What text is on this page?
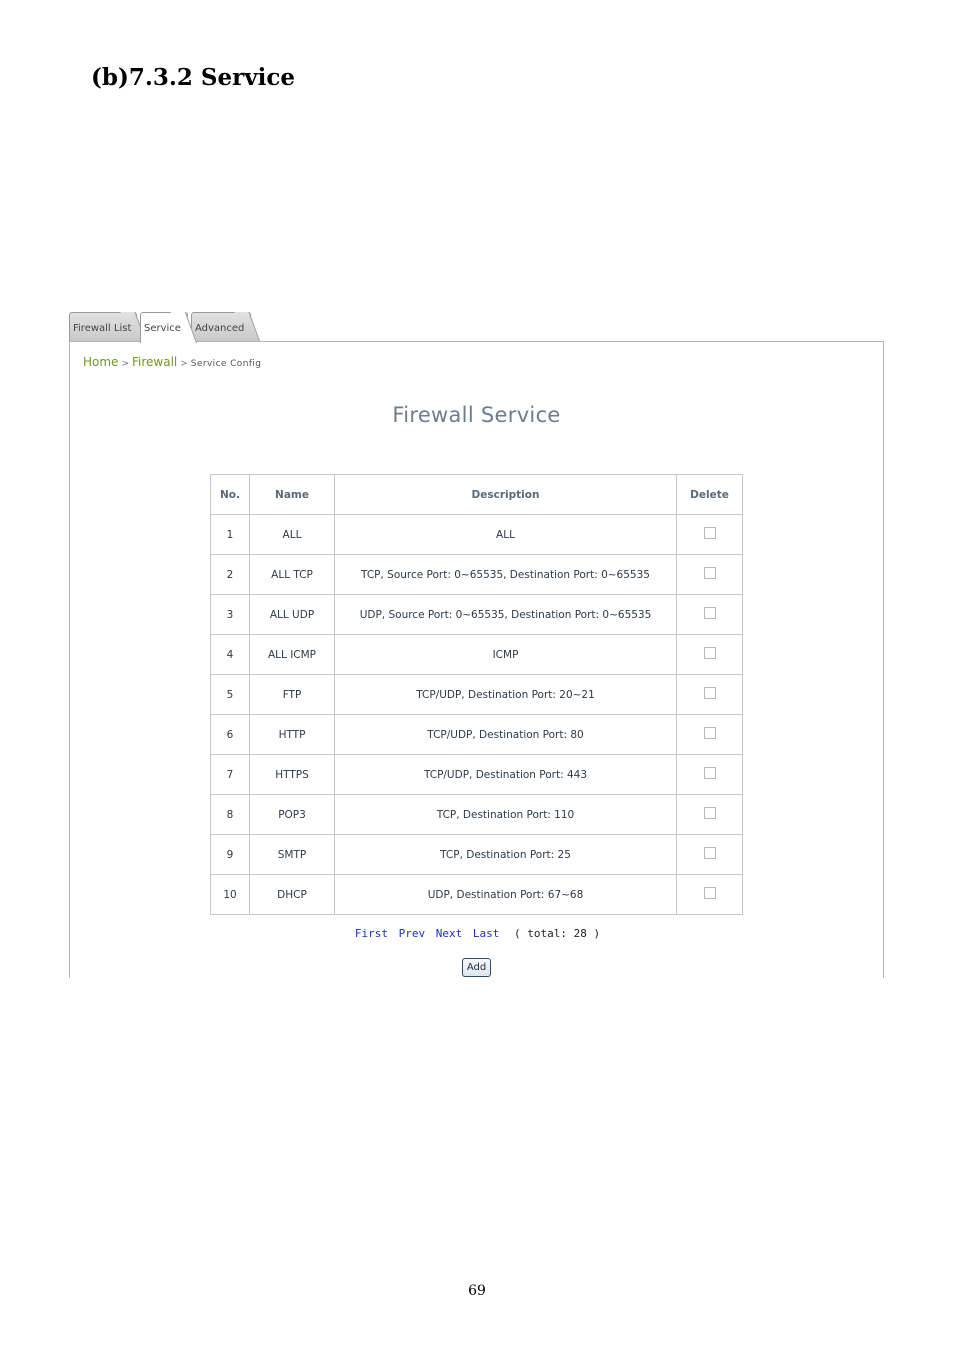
(b)7.3.2 Service
Firewall List	Service	Advanced
Home > Firewall > Service Config
Firewall Service
No.	Name	Description	Delete
1	ALL	ALL	
2	ALL TCP	TCP, Source Port: 0~65535, Destination Port: 0~65535	
3	ALL UDP	UDP, Source Port: 0~65535, Destination Port: 0~65535	
4	ALL ICMP	ICMP	
5	FTP	TCP/UDP, Destination Port: 20~21	
6	HTTP	TCP/UDP, Destination Port: 80	
7	HTTPS	TCP/UDP, Destination Port: 443	
8	POP3	TCP, Destination Port: 110	
9	SMTP	TCP, Destination Port: 25	
10	DHCP	UDP, Destination Port: 67~68	
First Prev Next Last ( total: 28 )
Add
69
